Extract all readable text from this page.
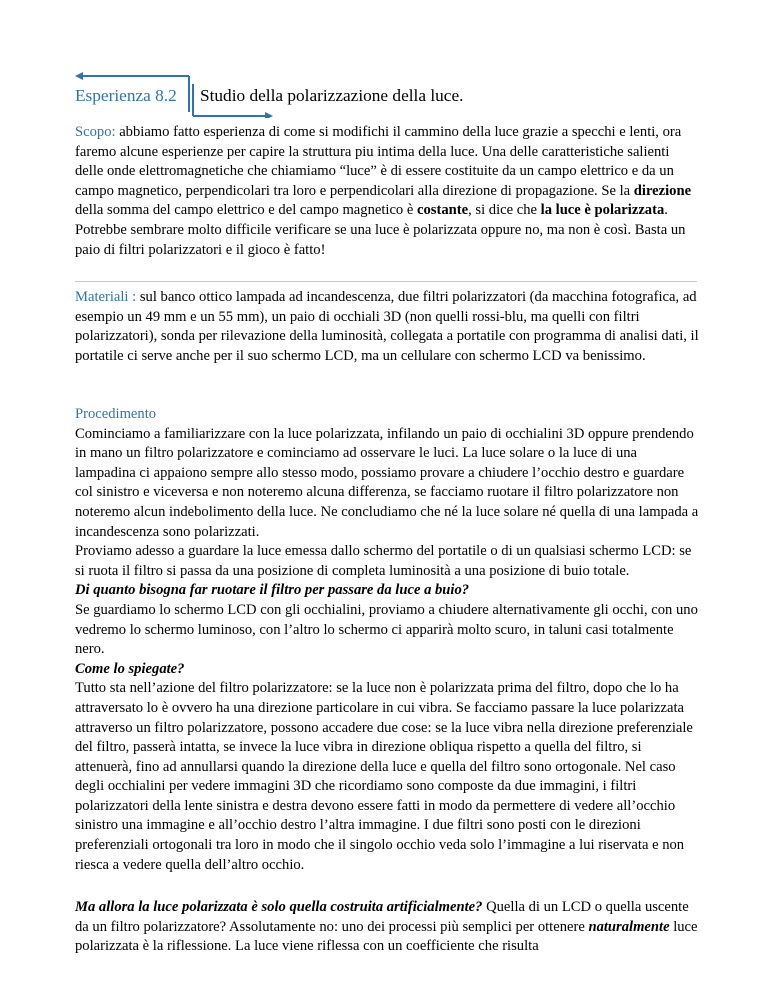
Esperienza 8.2 Studio della polarizzazione della luce.

Scopo: abbiamo fatto esperienza di come si modifichi il cammino della luce grazie a specchi e lenti, ora faremo alcune esperienze per capire la struttura piu intima della luce. Una delle caratteristiche salienti delle onde elettromagnetiche che chiamiamo “luce” è di essere costituite da un campo elettrico e da un campo magnetico, perpendicolari tra loro e perpendicolari alla direzione di propagazione. Se la direzione della somma del campo elettrico e del campo magnetico è costante, si dice che la luce è polarizzata. Potrebbe sembrare molto difficile verificare se una luce è polarizzata oppure no, ma non è così. Basta un paio di filtri polarizzatori e il gioco è fatto!

Materiali : sul banco ottico lampada ad incandescenza, due filtri polarizzatori (da macchina fotografica, ad esempio un 49 mm e un 55 mm), un paio di occhiali 3D (non quelli rossi-blu, ma quelli con filtri polarizzatori), sonda per rilevazione della luminosità, collegata a portatile con programma di analisi dati, il portatile ci serve anche per il suo schermo LCD, ma un cellulare con schermo LCD va benissimo.

Procedimento

Cominciamo a familiarizzare con la luce polarizzata, infilando un paio di occhialini 3D oppure prendendo in mano un filtro polarizzatore e cominciamo ad osservare le luci. La luce solare o la luce di una lampadina ci appaiono sempre allo stesso modo, possiamo provare a chiudere l’occhio destro e guardare col sinistro e viceversa e non noteremo alcuna differenza, se facciamo ruotare il filtro polarizzatore non noteremo alcun indebolimento della luce. Ne concludiamo che né la luce solare né quella di una lampada a incandescenza sono polarizzati.

Proviamo adesso a guardare la luce emessa dallo schermo del portatile o di un qualsiasi schermo LCD: se si ruota il filtro si passa da una posizione di completa luminosità a una posizione di buio totale.

Di quanto bisogna far ruotare il filtro per passare da luce a buio?

Se guardiamo lo schermo LCD con gli occhialini, proviamo a chiudere alternativamente gli occhi, con uno vedremo lo schermo luminoso, con l’altro lo schermo ci apparirà molto scuro, in taluni casi totalmente nero.

Come lo spiegate?

Tutto sta nell’azione del filtro polarizzatore: se la luce non è polarizzata prima del filtro, dopo che lo ha attraversato lo è ovvero ha una direzione particolare in cui vibra. Se facciamo passare la luce polarizzata attraverso un filtro polarizzatore, possono accadere due cose: se la luce vibra nella direzione preferenziale del filtro, passerà intatta, se invece la luce vibra in direzione obliqua rispetto a quella del filtro, si attenuerà, fino ad annullarsi quando la direzione della luce e quella del filtro sono ortogonale. Nel caso degli occhialini per vedere immagini 3D che ricordiamo sono composte da due immagini, i filtri polarizzatori della lente sinistra e destra devono essere fatti in modo da permettere di vedere all’occhio sinistro una immagine e all’occhio destro l’altra immagine. I due filtri sono posti con le direzioni preferenziali ortogonali tra loro in modo che il singolo occhio veda solo l’immagine a lui riservata e non riesca a vedere quella dell’altro occhio.

Ma allora la luce polarizzata è solo quella costruita artificialmente? Quella di un LCD o quella uscente da un filtro polarizzatore? Assolutamente no: uno dei processi più semplici per ottenere naturalmente luce polarizzata è la riflessione. La luce viene riflessa con un coefficiente che risulta
